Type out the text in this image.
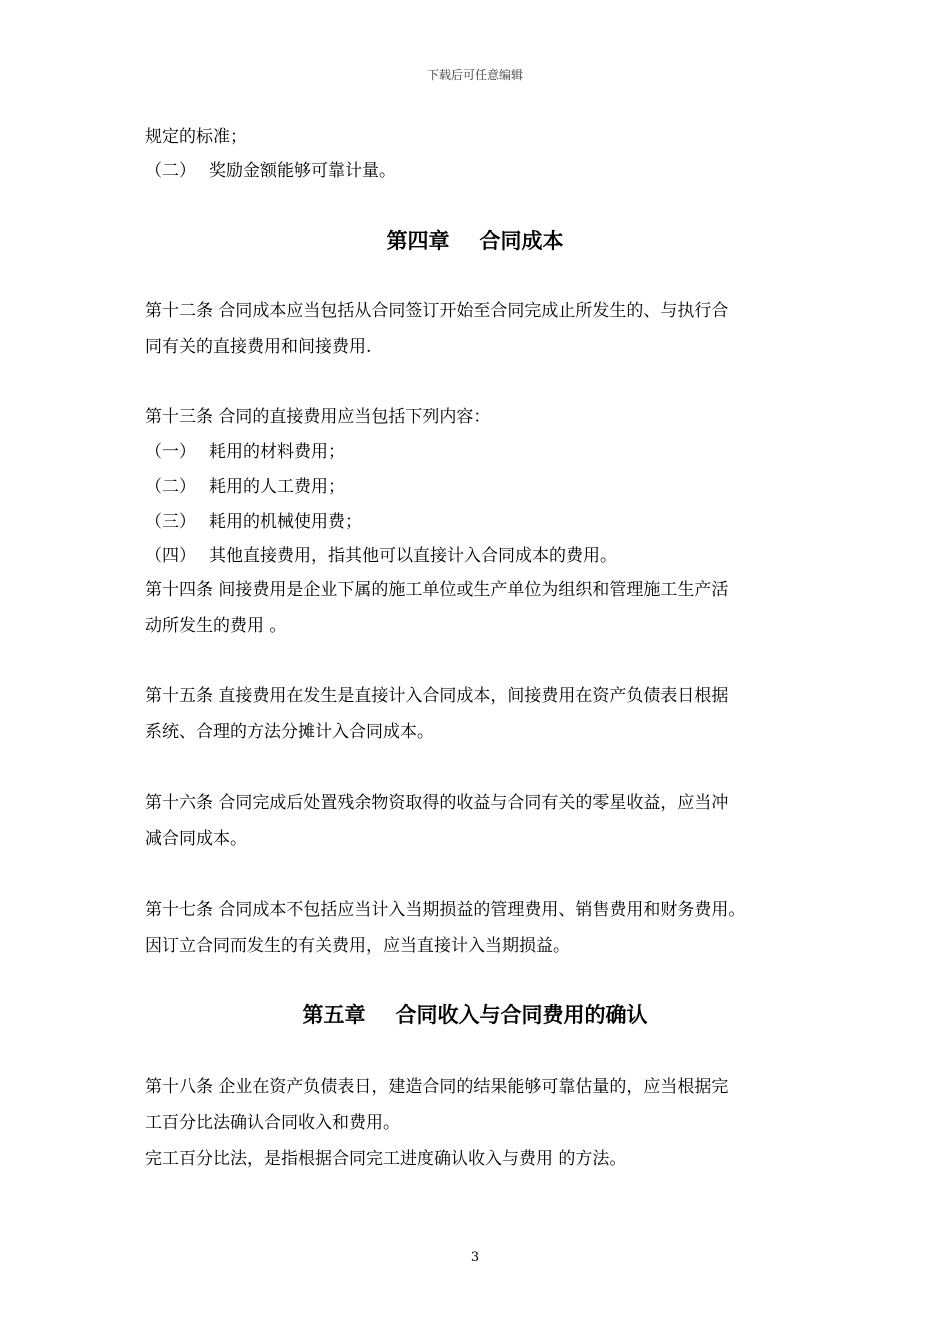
下载后可任意编辑

规定的标准；

（二） 奖励金额能够可靠计量。

第四章 合同成本

第十二条 合同成本应当包括从合同签订开始至合同完成止所发生的、与执行合

同有关的直接费用和间接费用.

第十三条 合同的直接费用应当包括下列内容：

（一） 耗用的材料费用；

（二） 耗用的人工费用；

（三） 耗用的机械使用费；

（四） 其他直接费用，指其他可以直接计入合同成本的费用。

第十四条 间接费用是企业下属的施工单位或生产单位为组织和管理施工生产活

动所发生的费用 。

第十五条 直接费用在发生是直接计入合同成本，间接费用在资产负债表日根据

系统、合理的方法分摊计入合同成本。

第十六条 合同完成后处置残余物资取得的收益与合同有关的零星收益，应当冲

减合同成本。

第十七条 合同成本不包括应当计入当期损益的管理费用、销售费用和财务费用。

因订立合同而发生的有关费用，应当直接计入当期损益。

第五章 合同收入与合同费用的确认

第十八条 企业在资产负债表日，建造合同的结果能够可靠估量的，应当根据完

工百分比法确认合同收入和费用。

完工百分比法，是指根据合同完工进度确认收入与费用 的方法。

3
